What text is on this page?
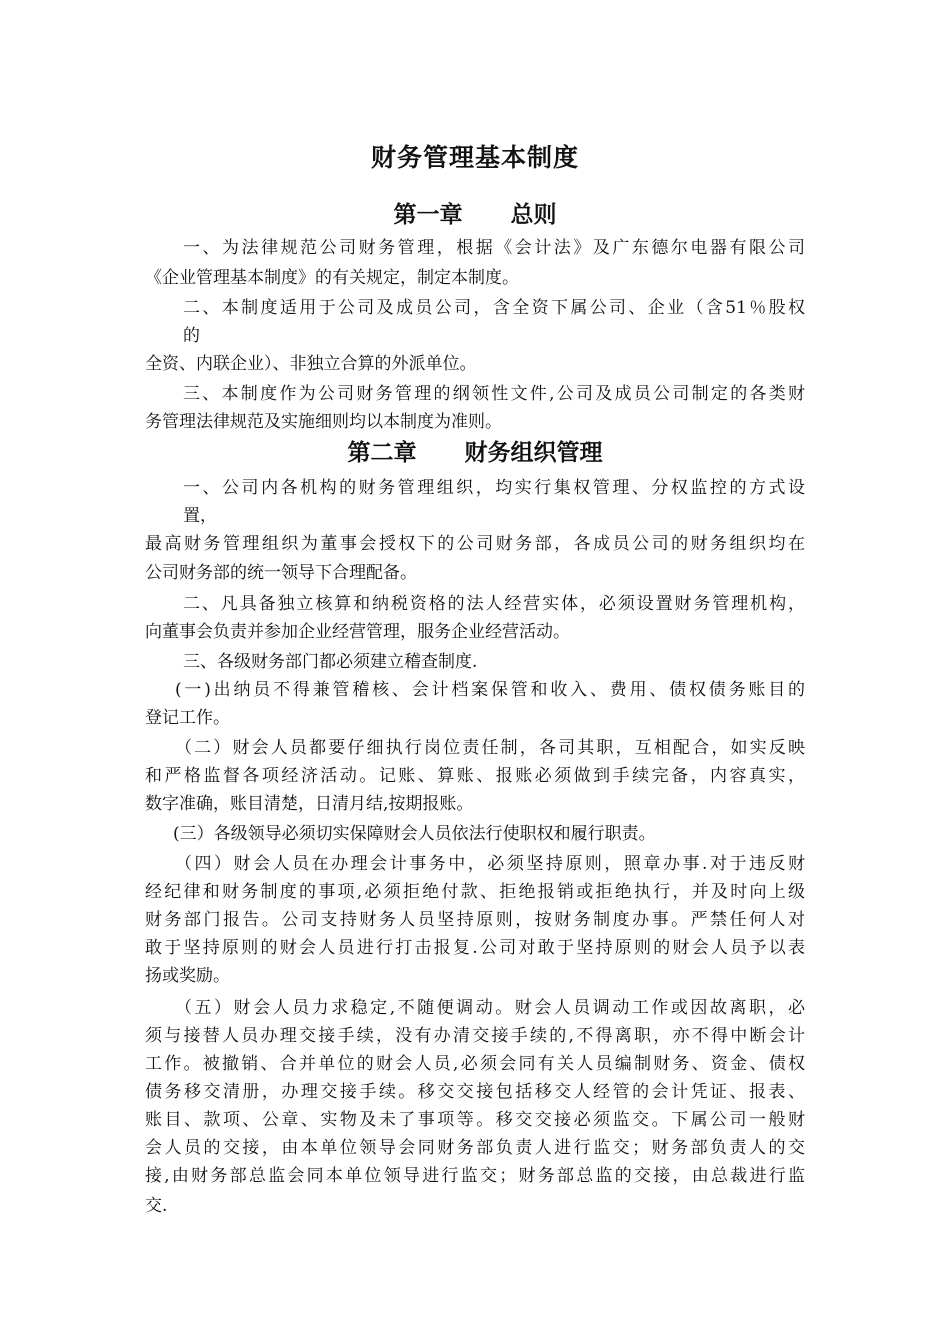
财务管理基本制度
第一章      总则
一、为法律规范公司财务管理，根据《会计法》及广东德尔电器有限公司
《企业管理基本制度》的有关规定，制定本制度。
二、本制度适用于公司及成员公司，含全资下属公司、企业（含51％股权
的
全资、内联企业）、非独立合算的外派单位。
三、本制度作为公司财务管理的纲领性文件,公司及成员公司制定的各类财
务管理法律规范及实施细则均以本制度为准则。
第二章      财务组织管理
一、公司内各机构的财务管理组织，均实行集权管理、分权监控的方式设
置，
最高财务管理组织为董事会授权下的公司财务部，各成员公司的财务组织均在
公司财务部的统一领导下合理配备。
二、凡具备独立核算和纳税资格的法人经营实体，必须设置财务管理机构，
向董事会负责并参加企业经营管理，服务企业经营活动。
三、各级财务部门都必须建立稽查制度.
(一)出纳员不得兼管稽核、会计档案保管和收入、费用、债权债务账目的
登记工作。
（二）财会人员都要仔细执行岗位责任制，各司其职，互相配合，如实反映
和严格监督各项经济活动。记账、算账、报账必须做到手续完备，内容真实，
数字准确，账目清楚，日清月结,按期报账。
(三）各级领导必须切实保障财会人员依法行使职权和履行职责。
（四）财会人员在办理会计事务中，必须坚持原则，照章办事.对于违反财
经纪律和财务制度的事项,必须拒绝付款、拒绝报销或拒绝执行，并及时向上级
财务部门报告。公司支持财务人员坚持原则，按财务制度办事。严禁任何人对
敢于坚持原则的财会人员进行打击报复.公司对敢于坚持原则的财会人员予以表
扬或奖励。
（五）财会人员力求稳定,不随便调动。财会人员调动工作或因故离职，必
须与接替人员办理交接手续，没有办清交接手续的,不得离职，亦不得中断会计
工作。被撤销、合并单位的财会人员,必须会同有关人员编制财务、资金、债权
债务移交清册，办理交接手续。移交交接包括移交人经管的会计凭证、报表、
账目、款项、公章、实物及未了事项等。移交交接必须监交。下属公司一般财
会人员的交接，由本单位领导会同财务部负责人进行监交；财务部负责人的交
接,由财务部总监会同本单位领导进行监交；财务部总监的交接，由总裁进行监
交.
